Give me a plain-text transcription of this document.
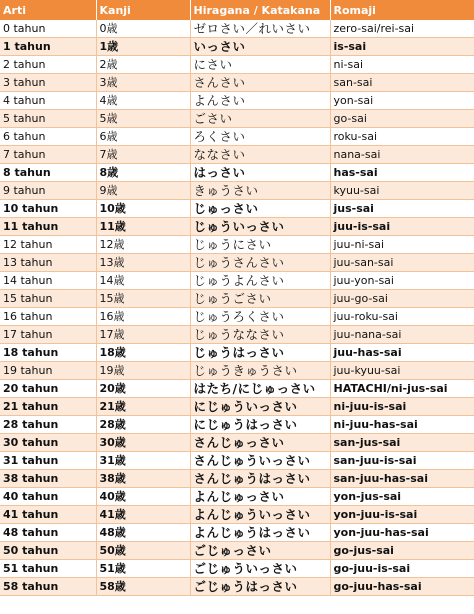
Arti	Kanji	Hiragana / Katakana	Romaji
0 tahun	0歳	ゼロさい／れいさい	zero-sai/rei-sai
1 tahun	1歳	いっさい	is-sai
2 tahun	2歳	にさい	ni-sai
3 tahun	3歳	さんさい	san-sai
4 tahun	4歳	よんさい	yon-sai
5 tahun	5歳	ごさい	go-sai
6 tahun	6歳	ろくさい	roku-sai
7 tahun	7歳	ななさい	nana-sai
8 tahun	8歳	はっさい	has-sai
9 tahun	9歳	きゅうさい	kyuu-sai
10 tahun	10歳	じゅっさい	jus-sai
11 tahun	11歳	じゅういっさい	juu-is-sai
12 tahun	12歳	じゅうにさい	juu-ni-sai
13 tahun	13歳	じゅうさんさい	juu-san-sai
14 tahun	14歳	じゅうよんさい	juu-yon-sai
15 tahun	15歳	じゅうごさい	juu-go-sai
16 tahun	16歳	じゅうろくさい	juu-roku-sai
17 tahun	17歳	じゅうななさい	juu-nana-sai
18 tahun	18歳	じゅうはっさい	juu-has-sai
19 tahun	19歳	じゅうきゅうさい	juu-kyuu-sai
20 tahun	20歳	はたち/にじゅっさい	HATACHI/ni-jus-sai
21 tahun	21歳	にじゅういっさい	ni-juu-is-sai
28 tahun	28歳	にじゅうはっさい	ni-juu-has-sai
30 tahun	30歳	さんじゅっさい	san-jus-sai
31 tahun	31歳	さんじゅういっさい	san-juu-is-sai
38 tahun	38歳	さんじゅうはっさい	san-juu-has-sai
40 tahun	40歳	よんじゅっさい	yon-jus-sai
41 tahun	41歳	よんじゅういっさい	yon-juu-is-sai
48 tahun	48歳	よんじゅうはっさい	yon-juu-has-sai
50 tahun	50歳	ごじゅっさい	go-jus-sai
51 tahun	51歳	ごじゅういっさい	go-juu-is-sai
58 tahun	58歳	ごじゅうはっさい	go-juu-has-sai
